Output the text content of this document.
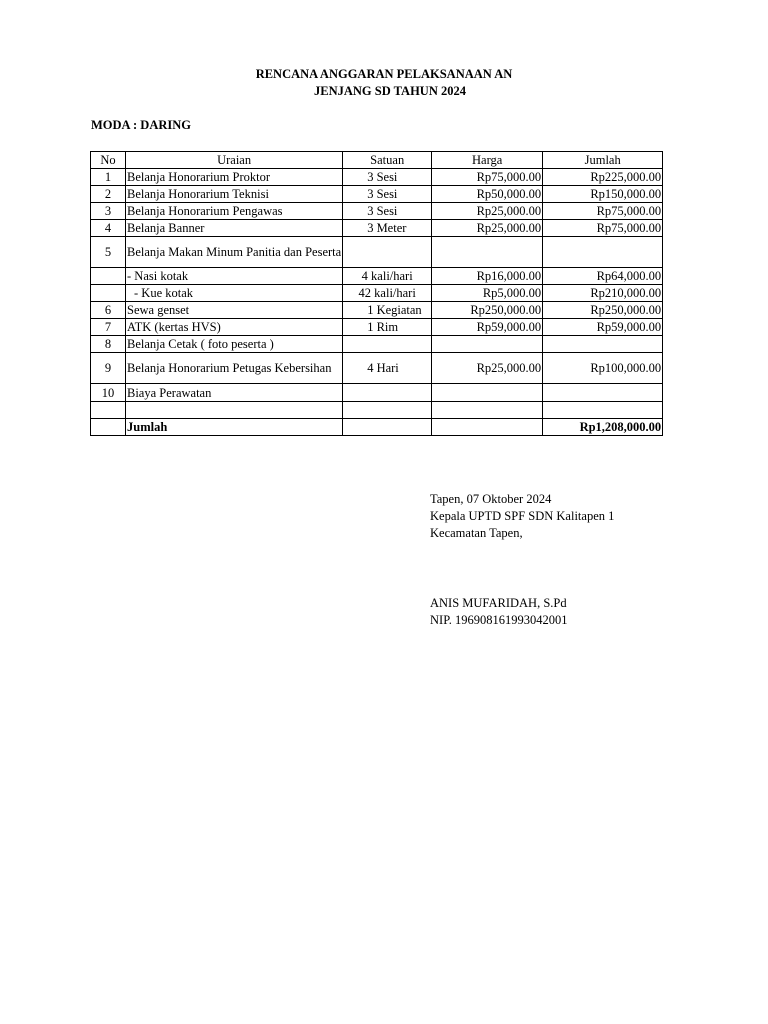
RENCANA ANGGARAN PELAKSANAAN AN
JENJANG SD TAHUN 2024
MODA : DARING
No	Uraian	Satuan	Harga	Jumlah
1	Belanja Honorarium Proktor	3 Sesi	Rp75,000.00	Rp225,000.00
2	Belanja Honorarium Teknisi	3 Sesi	Rp50,000.00	Rp150,000.00
3	Belanja Honorarium Pengawas	3 Sesi	Rp25,000.00	Rp75,000.00
4	Belanja Banner	3 Meter	Rp25,000.00	Rp75,000.00
5	Belanja Makan Minum Panitia dan Peserta			
	- Nasi kotak	4 kali/hari	Rp16,000.00	Rp64,000.00
	- Kue kotak	42 kali/hari	Rp5,000.00	Rp210,000.00
6	Sewa genset	1 Kegiatan	Rp250,000.00	Rp250,000.00
7	ATK (kertas HVS)	1 Rim	Rp59,000.00	Rp59,000.00
8	Belanja Cetak ( foto peserta )			
9	Belanja Honorarium Petugas Kebersihan	4 Hari	Rp25,000.00	Rp100,000.00
10	Biaya Perawatan			

	Jumlah			Rp1,208,000.00
Tapen, 07 Oktober 2024
Kepala UPTD SPF SDN Kalitapen 1
Kecamatan Tapen,
ANIS MUFARIDAH, S.Pd
NIP. 196908161993042001
